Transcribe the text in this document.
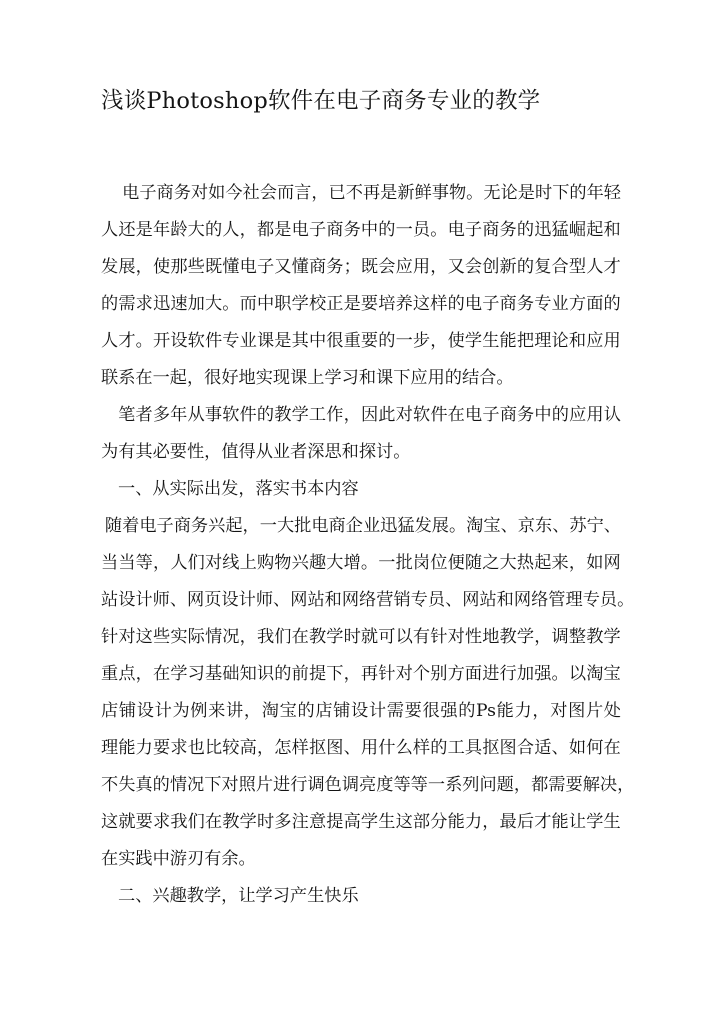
浅谈Photoshop软件在电子商务专业的教学
电 子 商 务 对 如 今 社 会 而 言 ， 已 不 再 是 新 鲜 事 物 。 无 论 是 时 下 的 年 轻
人 还 是 年 龄 大 的 人 ， 都 是 电 子 商 务 中 的 一 员 。 电 子 商 务 的 迅 猛 崛 起 和
发 展 ， 使 那 些 既 懂 电 子 又 懂 商 务 ； 既 会 应 用 ， 又 会 创 新 的 复 合 型 人 才
的 需 求 迅 速 加 大 。 而 中 职 学 校 正 是 要 培 养 这 样 的 电 子 商 务 专 业 方 面 的
人 才 。 开 设 软 件 专 业 课 是 其 中 很 重 要 的 一 步 ， 使 学 生 能 把 理 论 和 应 用
联系在一起，很好地实现课上学习和课下应用的结合。
笔 者 多 年 从 事 软 件 的 教 学 工 作 ， 因 此 对 软 件 在 电 子 商 务 中 的 应 用 认
为有其必要性，值得从业者深思和探讨。
一、从实际出发，落实书本内容
随 着 电 子 商 务 兴 起 ， 一 大 批 电 商 企 业 迅 猛 发 展 。 淘 宝 、 京 东 、 苏 宁 、
当 当 等 ， 人 们 对 线 上 购 物 兴 趣 大 增 。 一 批 岗 位 便 随 之 大 热 起 来 ， 如 网
站 设 计 师 、 网 页 设 计 师 、 网 站 和 网 络 营 销 专 员 、 网 站 和 网 络 管 理 专 员 。
针 对 这 些 实 际 情 况 ， 我 们 在 教 学 时 就 可 以 有 针 对 性 地 教 学 ， 调 整 教 学
重 点 ， 在 学 习 基 础 知 识 的 前 提 下 ， 再 针 对 个 别 方 面 进 行 加 强 。 以 淘 宝
店 铺 设 计 为 例 来 讲 ， 淘 宝 的 店 铺 设 计 需 要 很 强 的 Ps 能 力 ， 对 图 片 处
理 能 力 要 求 也 比 较 高 ， 怎 样 抠 图 、 用 什 么 样 的 工 具 抠 图 合 适 、 如 何 在
不 失 真 的 情 况 下 对 照 片 进 行 调 色 调 亮 度 等 等 一 系 列 问 题 ， 都 需 要 解 决 ，
这 就 要 求 我 们 在 教 学 时 多 注 意 提 高 学 生 这 部 分 能 力 ， 最 后 才 能 让 学 生
在实践中游刃有余。
二、兴趣教学，让学习产生快乐
